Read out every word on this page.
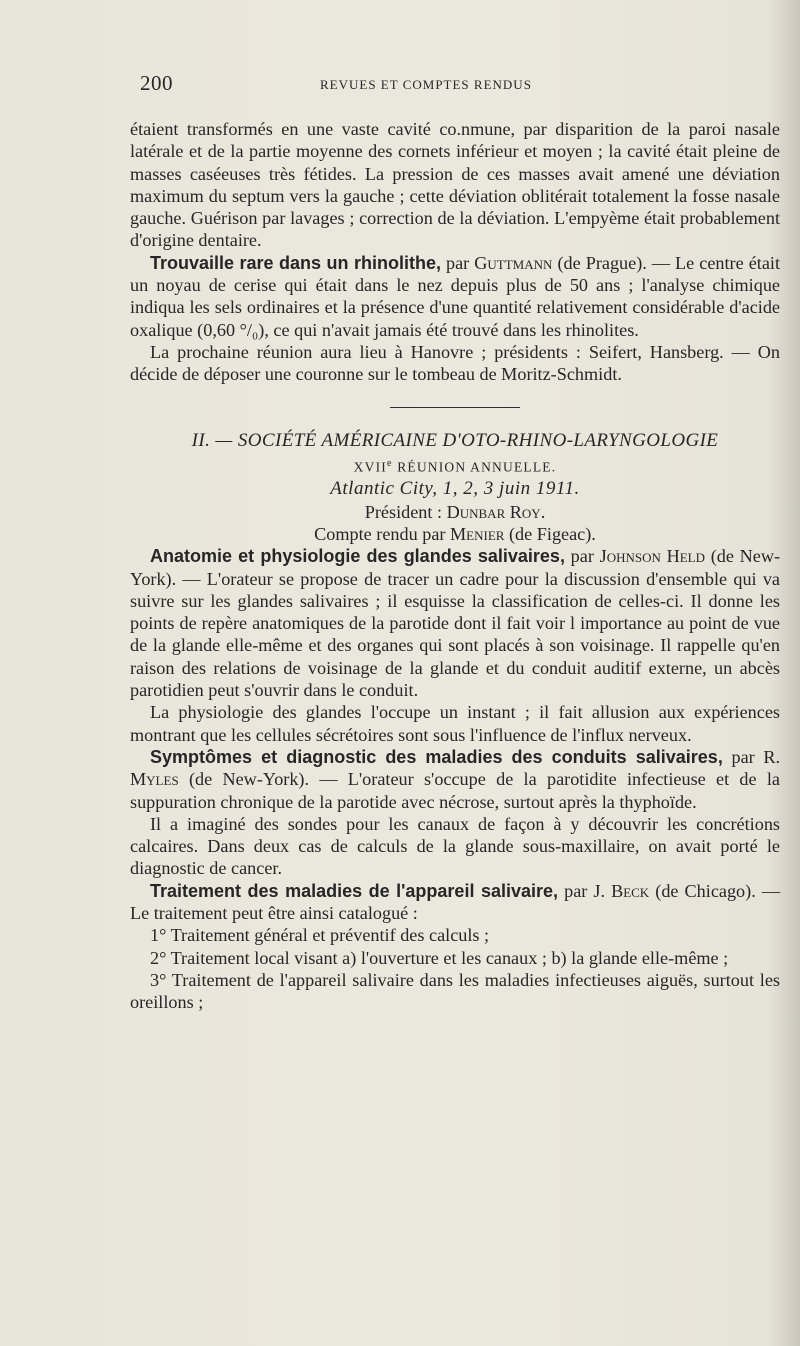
200	REVUES ET COMPTES RENDUS

étaient transformés en une vaste cavité co.nmune, par disparition de la paroi nasale latérale et de la partie moyenne des cornets inférieur et moyen ; la cavité était pleine de masses caséeuses très fétides. La pression de ces masses avait amené une déviation maximum du septum vers la gauche ; cette déviation oblitérait totalement la fosse nasale gauche. Guérison par lavages ; correction de la déviation. L'empyème était probablement d'origine dentaire.

Trouvaille rare dans un rhinolithe, par Guttmann (de Prague). — Le centre était un noyau de cerise qui était dans le nez depuis plus de 50 ans ; l'analyse chimique indiqua les sels ordinaires et la présence d'une quantité relativement considérable d'acide oxalique (0,60 °/₀), ce qui n'avait jamais été trouvé dans les rhinolites.

La prochaine réunion aura lieu à Hanovre ; présidents : Seifert, Hansberg. — On décide de déposer une couronne sur le tombeau de Moritz-Schmidt.

II. — SOCIÉTÉ AMÉRICAINE D'OTO-RHINO-LARYNGOLOGIE

XVIIe RÉUNION ANNUELLE.

Atlantic City, 1, 2, 3 juin 1911.

Président : Dunbar Roy.

Compte rendu par Menier (de Figeac).

Anatomie et physiologie des glandes salivaires, par Johnson Held (de New-York). — L'orateur se propose de tracer un cadre pour la discussion d'ensemble qui va suivre sur les glandes salivaires ; il esquisse la classification de celles-ci. Il donne les points de repère anatomiques de la parotide dont il fait voir l importance au point de vue de la glande elle-même et des organes qui sont placés à son voisinage. Il rappelle qu'en raison des relations de voisinage de la glande et du conduit auditif externe, un abcès parotidien peut s'ouvrir dans le conduit.

La physiologie des glandes l'occupe un instant ; il fait allusion aux expériences montrant que les cellules sécrétoires sont sous l'influence de l'influx nerveux.

Symptômes et diagnostic des maladies des conduits salivaires, par R. Myles (de New-York). — L'orateur s'occupe de la parotidite infectieuse et de la suppuration chronique de la parotide avec nécrose, surtout après la thyphoïde.

Il a imaginé des sondes pour les canaux de façon à y découvrir les concrétions calcaires. Dans deux cas de calculs de la glande sous-maxillaire, on avait porté le diagnostic de cancer.

Traitement des maladies de l'appareil salivaire, par J. Beck (de Chicago). — Le traitement peut être ainsi catalogué :

1° Traitement général et préventif des calculs ;

2° Traitement local visant a) l'ouverture et les canaux ; b) la glande elle-même ;

3° Traitement de l'appareil salivaire dans les maladies infectieuses aiguës, surtout les oreillons ;
